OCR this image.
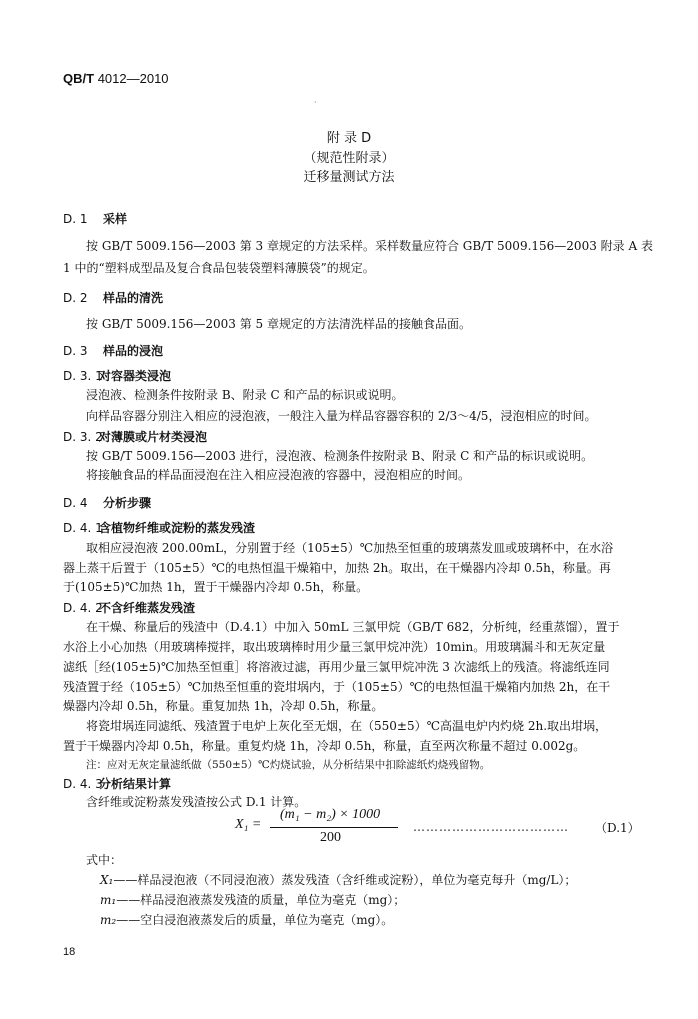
QB/T 4012—2010
·
附 录 D
（规范性附录）
迁移量测试方法
D. 1 采样
按 GB/T 5009.156—2003 第 3 章规定的方法采样。采样数量应符合 GB/T 5009.156—2003 附录 A 表
1 中的“塑料成型品及复合食品包装袋塑料薄膜袋”的规定。
D. 2 样品的清洗
按 GB/T 5009.156—2003 第 5 章规定的方法清洗样品的接触食品面。
D. 3 样品的浸泡
D. 3. 1对容器类浸泡
浸泡液、检测条件按附录 B、附录 C 和产品的标识或说明。
向样品容器分别注入相应的浸泡液，一般注入量为样品容器容积的 2/3～4/5，浸泡相应的时间。
D. 3. 2对薄膜或片材类浸泡
按 GB/T 5009.156—2003 进行，浸泡液、检测条件按附录 B、附录 C 和产品的标识或说明。
将接触食品的样品面浸泡在注入相应浸泡液的容器中，浸泡相应的时间。
D. 4 分析步骤
D. 4. 1含植物纤维或淀粉的蒸发残渣
取相应浸泡液 200.00mL，分别置于经（105±5）℃加热至恒重的玻璃蒸发皿或玻璃杯中，在水浴
器上蒸干后置于（105±5）℃的电热恒温干燥箱中，加热 2h。取出，在干燥器内冷却 0.5h，称量。再
于(105±5)℃加热 1h，置于干燥器内冷却 0.5h，称量。
D. 4. 2不含纤维蒸发残渣
在干燥、称量后的残渣中（D.4.1）中加入 50mL 三氯甲烷（GB/T 682，分析纯，经重蒸馏），置于
水浴上小心加热（用玻璃棒搅拌，取出玻璃棒时用少量三氯甲烷冲洗）10min。用玻璃漏斗和无灰定量
滤纸［经(105±5)℃加热至恒重］将溶液过滤，再用少量三氯甲烷冲洗 3 次滤纸上的残渣。将滤纸连同
残渣置于经（105±5）℃加热至恒重的瓷坩埚内，于（105±5）℃的电热恒温干燥箱内加热 2h，在干
燥器内冷却 0.5h，称量。重复加热 1h，冷却 0.5h，称量。
将瓷坩埚连同滤纸、残渣置于电炉上灰化至无烟，在（550±5）℃高温电炉内灼烧 2h.取出坩埚，
置于干燥器内冷却 0.5h，称量。重复灼烧 1h，冷却 0.5h，称量，直至两次称量不超过 0.002g。
注：应对无灰定量滤纸做（550±5）℃灼烧试验，从分析结果中扣除滤纸灼烧残留物。
D. 4. 3分析结果计算
含纤维或淀粉蒸发残渣按公式 D.1 计算。
X₁ =
(m₁ − m₂) × 1000
200
……………………………… （D.1）
式中：
X₁——样品浸泡液（不同浸泡液）蒸发残渣（含纤维或淀粉），单位为毫克每升（mg/L）；
m₁——样品浸泡液蒸发残渣的质量，单位为毫克（mg）；
m₂——空白浸泡液蒸发后的质量，单位为毫克（mg）。
18
